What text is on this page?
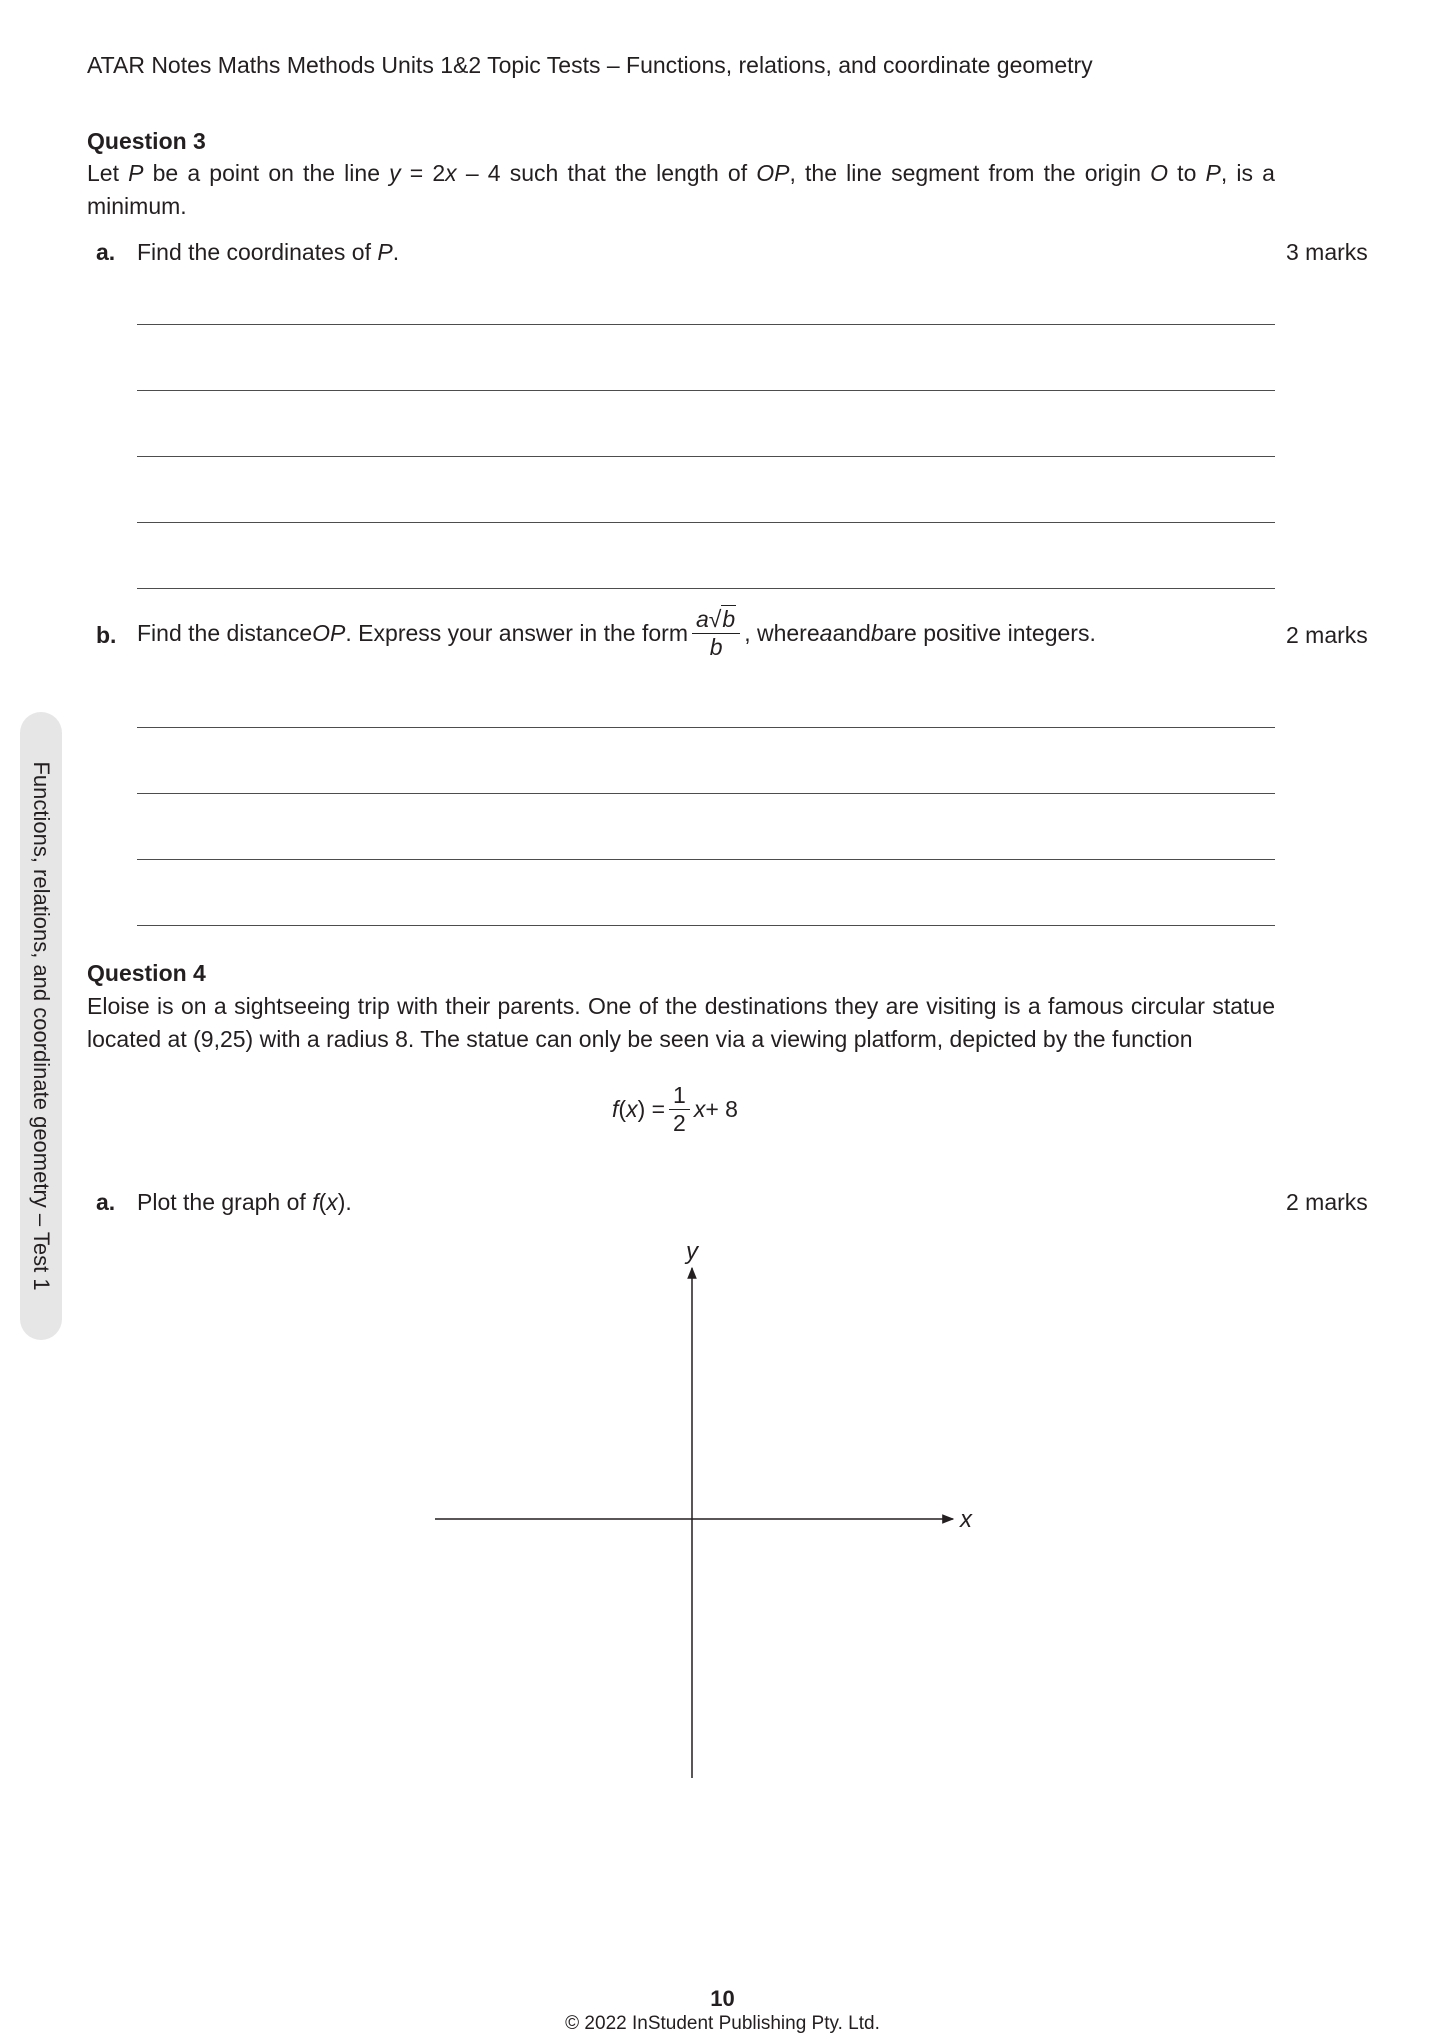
ATAR Notes Maths Methods Units 1&2 Topic Tests – Functions, relations, and coordinate geometry
Functions, relations, and coordinate geometry – Test 1
Question 3
Let P be a point on the line y = 2x – 4 such that the length of OP, the line segment from the origin O to P, is a minimum.
a. Find the coordinates of P.	3 marks
b. Find the distance OP . Express your answer in the form $\frac{a√b}{b}$ , where a and b are positive integers.	2 marks
Question 4
Eloise is on a sightseeing trip with their parents. One of the destinations they are visiting is a famous circular statue located at (9,25) with a radius 8. The statue can only be seen via a viewing platform, depicted by the function
f ( x ) = $\frac{1}{2}$ x + 8
a. Plot the graph of f(x).	2 marks
y
x
10
© 2022 InStudent Publishing Pty. Ltd.
